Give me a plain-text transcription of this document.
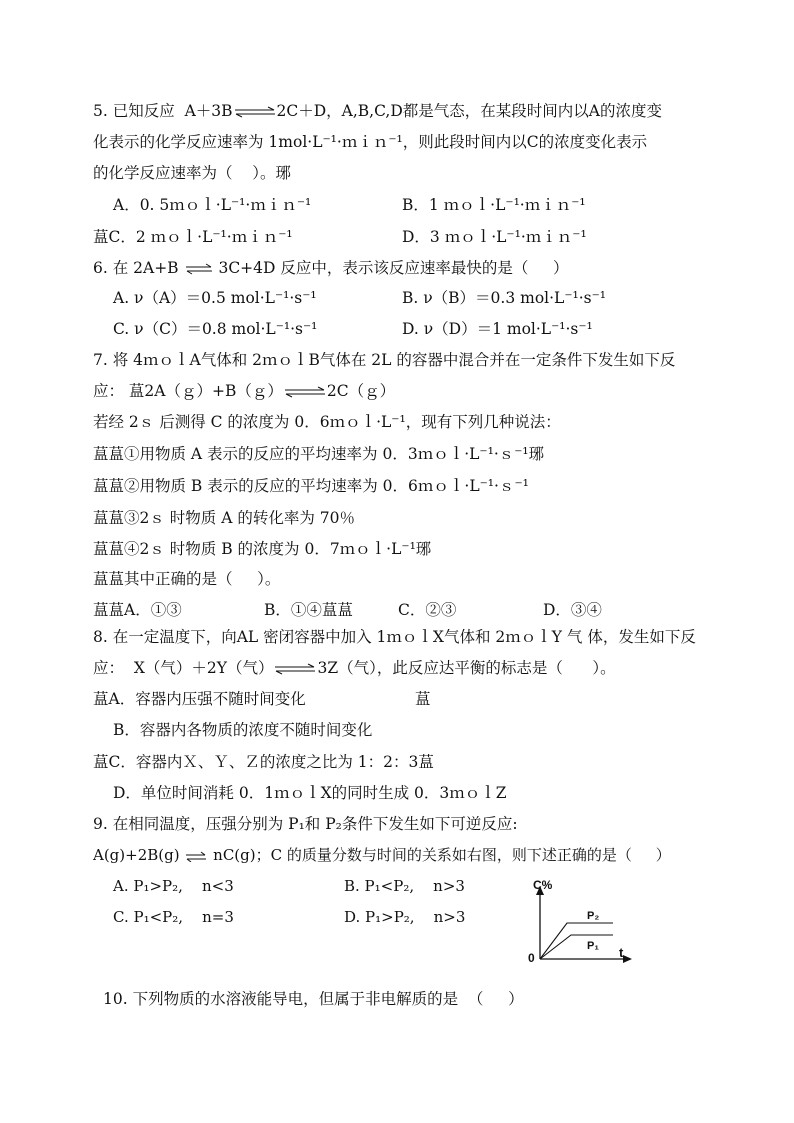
5. 已知反应  A＋3B⇌2C＋D，A,B,C,D都是气态，在某段时间内以A的浓度变
化表示的化学反应速率为 1mol·L⁻¹·ｍｉｎ⁻¹，则此段时间内以C的浓度变化表示
的化学反应速率为（    ）。琊
A．0. 5ｍｏｌ·L⁻¹·ｍｉｎ⁻¹	B．1 ｍｏｌ·L⁻¹·ｍｉｎ⁻¹
蒀C．2 ｍｏｌ·L⁻¹·ｍｉｎ⁻¹	D．3 ｍｏｌ·L⁻¹·ｍｉｎ⁻¹
6. 在 2A+B ⇌ 3C+4D 反应中，表示该反应速率最快的是（     ）
A. ν（A）＝0.5 mol·L⁻¹·s⁻¹	B. ν（B）＝0.3 mol·L⁻¹·s⁻¹
C. ν（C）＝0.8 mol·L⁻¹·s⁻¹	D. ν（D）＝1 mol·L⁻¹·s⁻¹
7. 将 4ｍｏｌA气体和 2ｍｏｌB气体在 2L 的容器中混合并在一定条件下发生如下反
应： 蒀2A（ｇ）+B（ｇ）⇌2C（ｇ）
若经 2ｓ 后测得 C 的浓度为 0．6ｍｏｌ·L⁻¹，现有下列几种说法：
蒀蒀①用物质 A 表示的反应的平均速率为 0．3ｍｏｌ·L⁻¹·ｓ⁻¹琊
蒀蒀②用物质 B 表示的反应的平均速率为 0．6ｍｏｌ·L⁻¹·ｓ⁻¹
蒀蒀③2ｓ 时物质 A 的转化率为 70％
蒀蒀④2ｓ 时物质 B 的浓度为 0．7ｍｏｌ·L⁻¹琊
蒀蒀其中正确的是（     ）。
蒀蒀A．①③	B．①④蒀蒀	C．②③	D．③④
8. 在一定温度下，向AL 密闭容器中加入 1ｍｏｌX气体和 2ｍｏｌY 气 体，发生如下反
应：  X（气）＋2Y（气）⇌3Z（气），此反应达平衡的标志是（      ）。
蒀A．容器内压强不随时间变化	蒀
B．容器内各物质的浓度不随时间变化
蒀C．容器内Ｘ、Ｙ、Ｚ的浓度之比为 1：2：3蒀
D．单位时间消耗 0．1ｍｏｌX的同时生成 0．3ｍｏｌZ
9. 在相同温度，压强分别为 P₁和 P₂条件下发生如下可逆反应:
A(g)+2B(g) ⇌ nC(g)；C 的质量分数与时间的关系如右图，则下述正确的是（     ）
A. P₁>P₂,    n<3	B. P₁<P₂,    n>3
C. P₁<P₂,    n=3	D. P₁>P₂,    n>3
C%
0	t
P₂
P₁
10. 下列物质的水溶液能导电，但属于非电解质的是  （     ）
